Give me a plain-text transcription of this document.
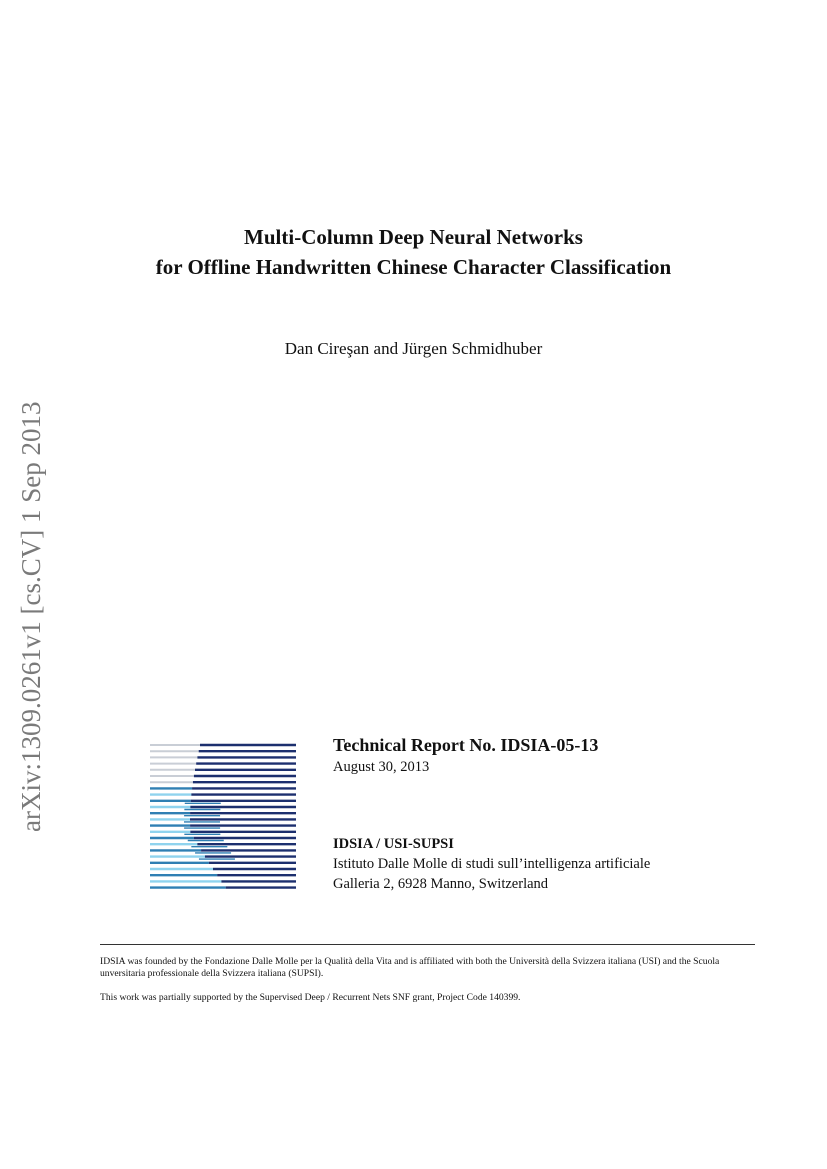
Multi-Column Deep Neural Networks
for Offline Handwritten Chinese Character Classification
Dan Cireşan and Jürgen Schmidhuber
arXiv:1309.0261v1 [cs.CV] 1 Sep 2013	Technical Report No. IDSIA-05-13
August 30, 2013
IDSIA / USI-SUPSI
Istituto Dalle Molle di studi sull’intelligenza artificiale
Galleria 2, 6928 Manno, Switzerland
IDSIA was founded by the Fondazione Dalle Molle per la Qualità della Vita and is affiliated with both the Università della Svizzera italiana (USI) and the Scuola unversitaria professionale della Svizzera italiana (SUPSI).
This work was partially supported by the Supervised Deep / Recurrent Nets SNF grant, Project Code 140399.
